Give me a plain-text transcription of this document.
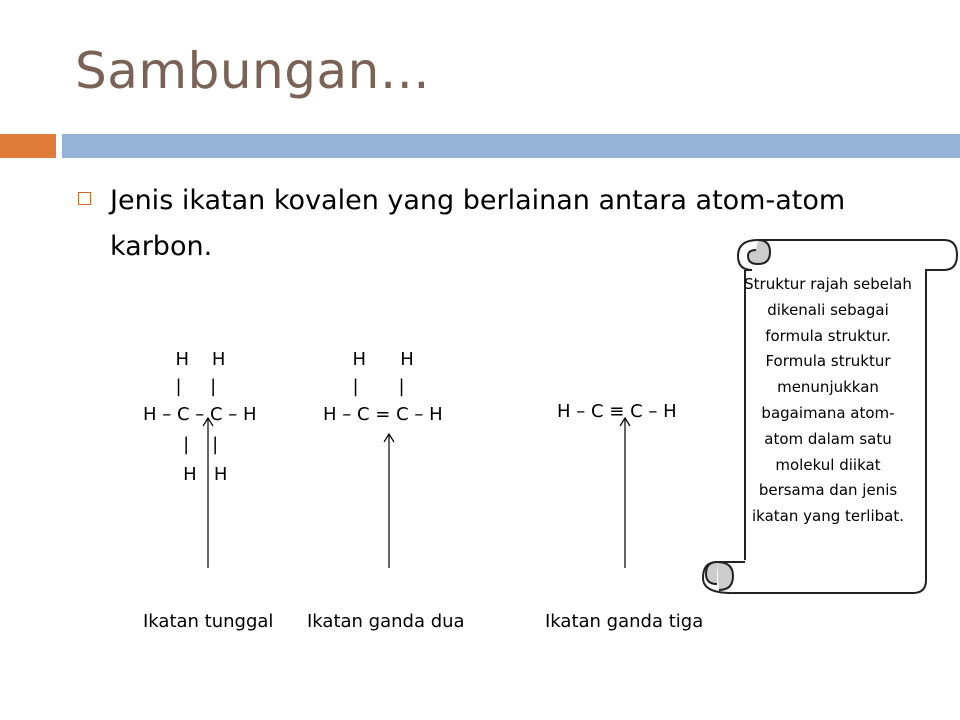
Sambungan…
Jenis ikatan kovalen yang berlainan antara atom-atom karbon.
H    H
|     |
H – C – C – H
|    |
H   H
H      H
|       |
H – C = C – H	H – C ≡ C – H
Ikatan tunggal Ikatan ganda dua	Ikatan ganda tiga
Struktur rajah sebelah dikenali sebagai formula struktur. Formula struktur menunjukkan bagaimana atom-atom dalam satu molekul diikat bersama dan jenis ikatan yang terlibat.
